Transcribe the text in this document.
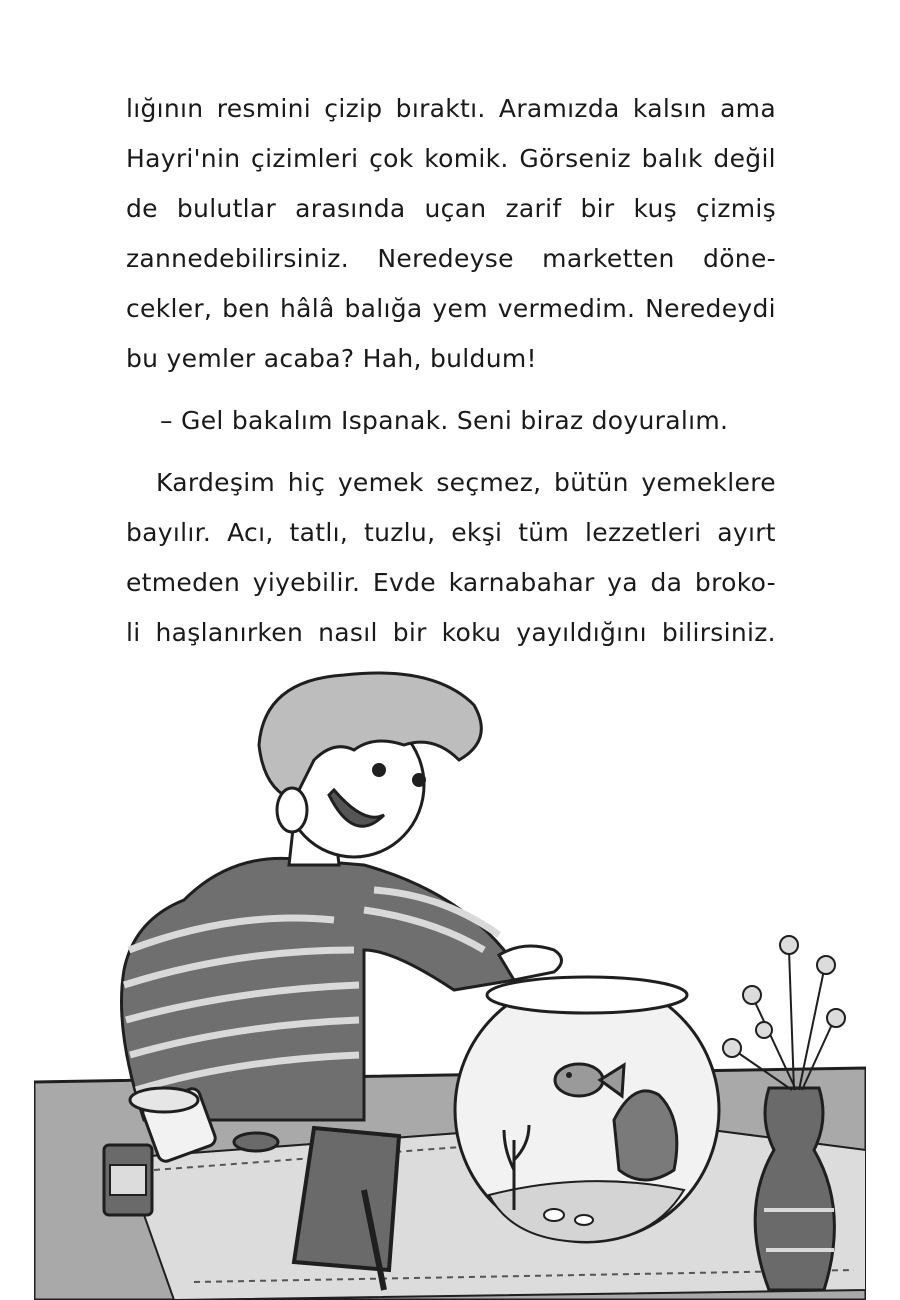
lığının resmini çizip bıraktı. Aramızda kalsın ama
Hayri'nin çizimleri çok komik. Görseniz balık değil
de bulutlar arasında uçan zarif bir kuş çizmiş
zannedebilirsiniz. Neredeyse marketten döne-
cekler, ben hâlâ balığa yem vermedim. Neredeydi
bu yemler acaba? Hah, buldum!
– Gel bakalım Ispanak. Seni biraz doyuralım.
Kardeşim hiç yemek seçmez, bütün yemeklere
bayılır. Acı, tatlı, tuzlu, ekşi tüm lezzetleri ayırt
etmeden yiyebilir. Evde karnabahar ya da broko-
li haşlanırken nasıl bir koku yayıldığını bilirsiniz.
